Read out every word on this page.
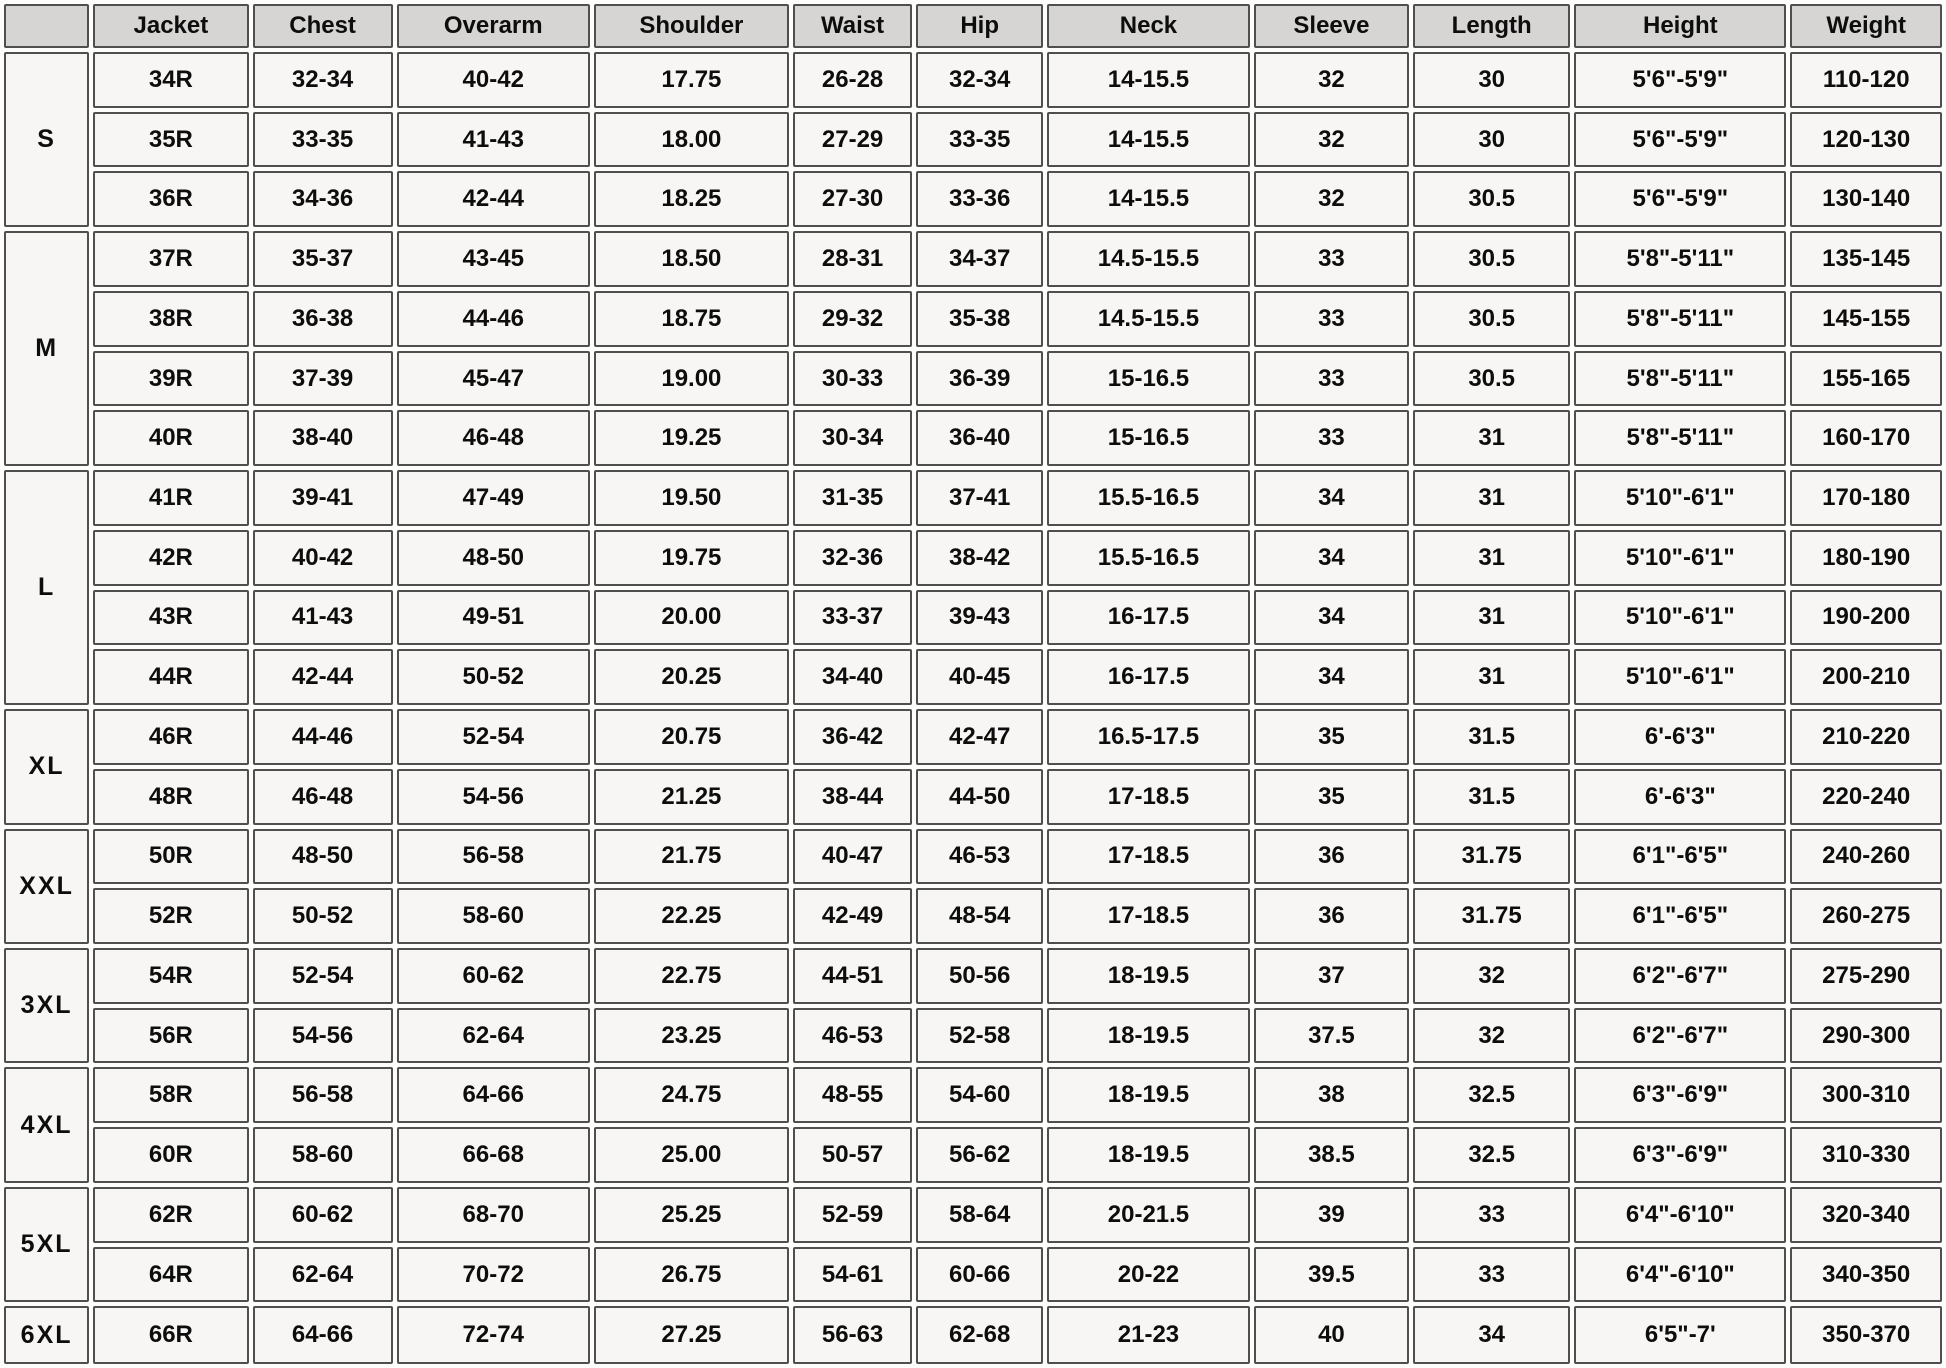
	Jacket	Chest	Overarm	Shoulder	Waist	Hip	Neck	Sleeve	Length	Height	Weight
S	34R	32-34	40-42	17.75	26-28	32-34	14-15.5	32	30	5'6"-5'9"	110-120
	35R	33-35	41-43	18.00	27-29	33-35	14-15.5	32	30	5'6"-5'9"	120-130
	36R	34-36	42-44	18.25	27-30	33-36	14-15.5	32	30.5	5'6"-5'9"	130-140
M	37R	35-37	43-45	18.50	28-31	34-37	14.5-15.5	33	30.5	5'8"-5'11"	135-145
	38R	36-38	44-46	18.75	29-32	35-38	14.5-15.5	33	30.5	5'8"-5'11"	145-155
	39R	37-39	45-47	19.00	30-33	36-39	15-16.5	33	30.5	5'8"-5'11"	155-165
	40R	38-40	46-48	19.25	30-34	36-40	15-16.5	33	31	5'8"-5'11"	160-170
L	41R	39-41	47-49	19.50	31-35	37-41	15.5-16.5	34	31	5'10"-6'1"	170-180
	42R	40-42	48-50	19.75	32-36	38-42	15.5-16.5	34	31	5'10"-6'1"	180-190
	43R	41-43	49-51	20.00	33-37	39-43	16-17.5	34	31	5'10"-6'1"	190-200
	44R	42-44	50-52	20.25	34-40	40-45	16-17.5	34	31	5'10"-6'1"	200-210
XL	46R	44-46	52-54	20.75	36-42	42-47	16.5-17.5	35	31.5	6'-6'3"	210-220
	48R	46-48	54-56	21.25	38-44	44-50	17-18.5	35	31.5	6'-6'3"	220-240
XXL	50R	48-50	56-58	21.75	40-47	46-53	17-18.5	36	31.75	6'1"-6'5"	240-260
	52R	50-52	58-60	22.25	42-49	48-54	17-18.5	36	31.75	6'1"-6'5"	260-275
3XL	54R	52-54	60-62	22.75	44-51	50-56	18-19.5	37	32	6'2"-6'7"	275-290
	56R	54-56	62-64	23.25	46-53	52-58	18-19.5	37.5	32	6'2"-6'7"	290-300
4XL	58R	56-58	64-66	24.75	48-55	54-60	18-19.5	38	32.5	6'3"-6'9"	300-310
	60R	58-60	66-68	25.00	50-57	56-62	18-19.5	38.5	32.5	6'3"-6'9"	310-330
5XL	62R	60-62	68-70	25.25	52-59	58-64	20-21.5	39	33	6'4"-6'10"	320-340
	64R	62-64	70-72	26.75	54-61	60-66	20-22	39.5	33	6'4"-6'10"	340-350
6XL	66R	64-66	72-74	27.25	56-63	62-68	21-23	40	34	6'5"-7'	350-370
